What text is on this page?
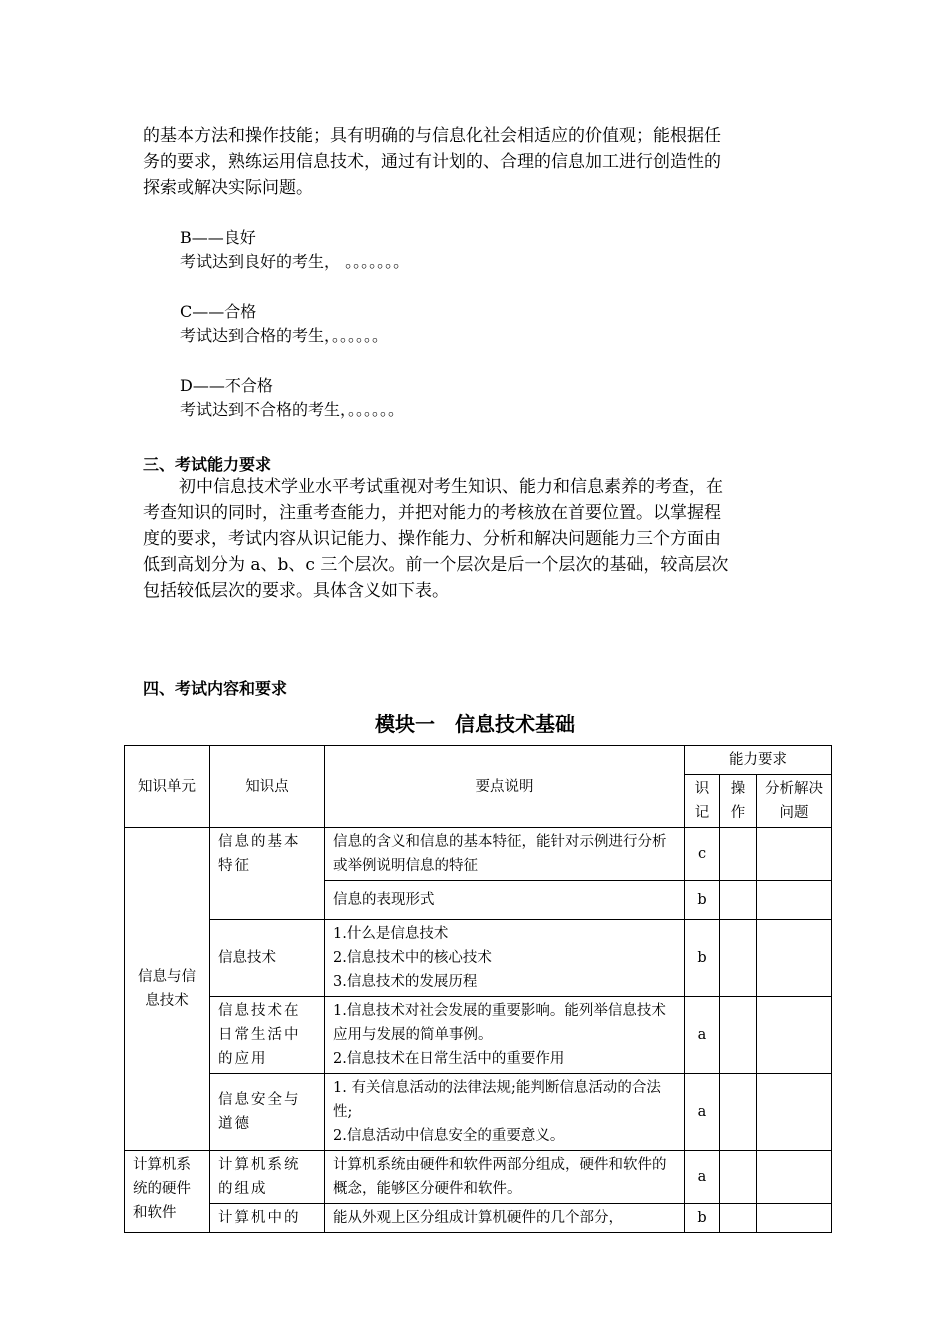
的基本方法和操作技能；具有明确的与信息化社会相适应的价值观；能根据任
务的要求，熟练运用信息技术，通过有计划的、合理的信息加工进行创造性的
探索或解决实际问题。
B——良好
考试达到良好的考生， 。。。。。。。
C——合格
考试达到合格的考生，。。。。。。
D——不合格
考试达到不合格的考生，。。。。。。
三、考试能力要求
初中信息技术学业水平考试重视对考生知识、能力和信息素养的考查，在
考查知识的同时，注重考查能力，并把对能力的考核放在首要位置。以掌握程
度的要求，考试内容从识记能力、操作能力、分析和解决问题能力三个方面由
低到高划分为 a、b、c 三个层次。前一个层次是后一个层次的基础，较高层次
包括较低层次的要求。具体含义如下表。
四、考试内容和要求
模块一　信息技术基础
知识单元	知识点	要点说明	能力要求		
			识记	操作	分析解决问题
信息与信息技术	信息的基本特征	信息的含义和信息的基本特征，能针对示例进行分析或举例说明信息的特征	c		

		信息的表现形式	b		
	信息技术	1.什么是信息技术
2.信息技术中的核心技术
3.信息技术的发展历程	b		
	信息技术在日常生活中的应用	1.信息技术对社会发展的重要影响。能列举信息技术应用与发展的简单事例。
2.信息技术在日常生活中的重要作用	a		
	信息安全与道德	1. 有关信息活动的法律法规;能判断信息活动的合法性;
2.信息活动中信息安全的重要意义。	a		
计算机系统的硬件和软件	计算机系统的组成	计算机系统由硬件和软件两部分组成，硬件和软件的概念，能够区分硬件和软件。	a		
	计算机中的	能从外观上区分组成计算机硬件的几个部分，	b		
